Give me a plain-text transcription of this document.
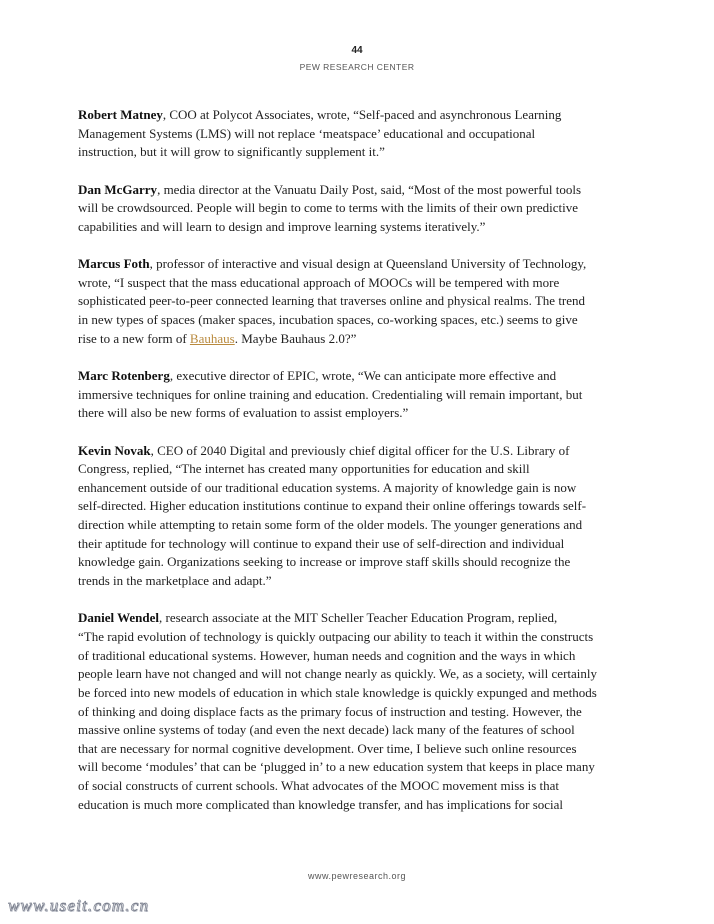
44
PEW RESEARCH CENTER
Robert Matney, COO at Polycot Associates, wrote, “Self-paced and asynchronous Learning
Management Systems (LMS) will not replace ‘meatspace’ educational and occupational
instruction, but it will grow to significantly supplement it.”
Dan McGarry, media director at the Vanuatu Daily Post, said, “Most of the most powerful tools
will be crowdsourced. People will begin to come to terms with the limits of their own predictive
capabilities and will learn to design and improve learning systems iteratively.”
Marcus Foth, professor of interactive and visual design at Queensland University of Technology,
wrote, “I suspect that the mass educational approach of MOOCs will be tempered with more
sophisticated peer-to-peer connected learning that traverses online and physical realms. The trend
in new types of spaces (maker spaces, incubation spaces, co-working spaces, etc.) seems to give
rise to a new form of Bauhaus. Maybe Bauhaus 2.0?”
Marc Rotenberg, executive director of EPIC, wrote, “We can anticipate more effective and
immersive techniques for online training and education. Credentialing will remain important, but
there will also be new forms of evaluation to assist employers.”
Kevin Novak, CEO of 2040 Digital and previously chief digital officer for the U.S. Library of
Congress, replied, “The internet has created many opportunities for education and skill
enhancement outside of our traditional education systems. A majority of knowledge gain is now
self-directed. Higher education institutions continue to expand their online offerings towards self-
direction while attempting to retain some form of the older models. The younger generations and
their aptitude for technology will continue to expand their use of self-direction and individual
knowledge gain. Organizations seeking to increase or improve staff skills should recognize the
trends in the marketplace and adapt.”
Daniel Wendel, research associate at the MIT Scheller Teacher Education Program, replied,
“The rapid evolution of technology is quickly outpacing our ability to teach it within the constructs
of traditional educational systems. However, human needs and cognition and the ways in which
people learn have not changed and will not change nearly as quickly. We, as a society, will certainly
be forced into new models of education in which stale knowledge is quickly expunged and methods
of thinking and doing displace facts as the primary focus of instruction and testing. However, the
massive online systems of today (and even the next decade) lack many of the features of school
that are necessary for normal cognitive development. Over time, I believe such online resources
will become ‘modules’ that can be ‘plugged in’ to a new education system that keeps in place many
of social constructs of current schools. What advocates of the MOOC movement miss is that
education is much more complicated than knowledge transfer, and has implications for social
www.pewresearch.org
www.useit.com.cn
